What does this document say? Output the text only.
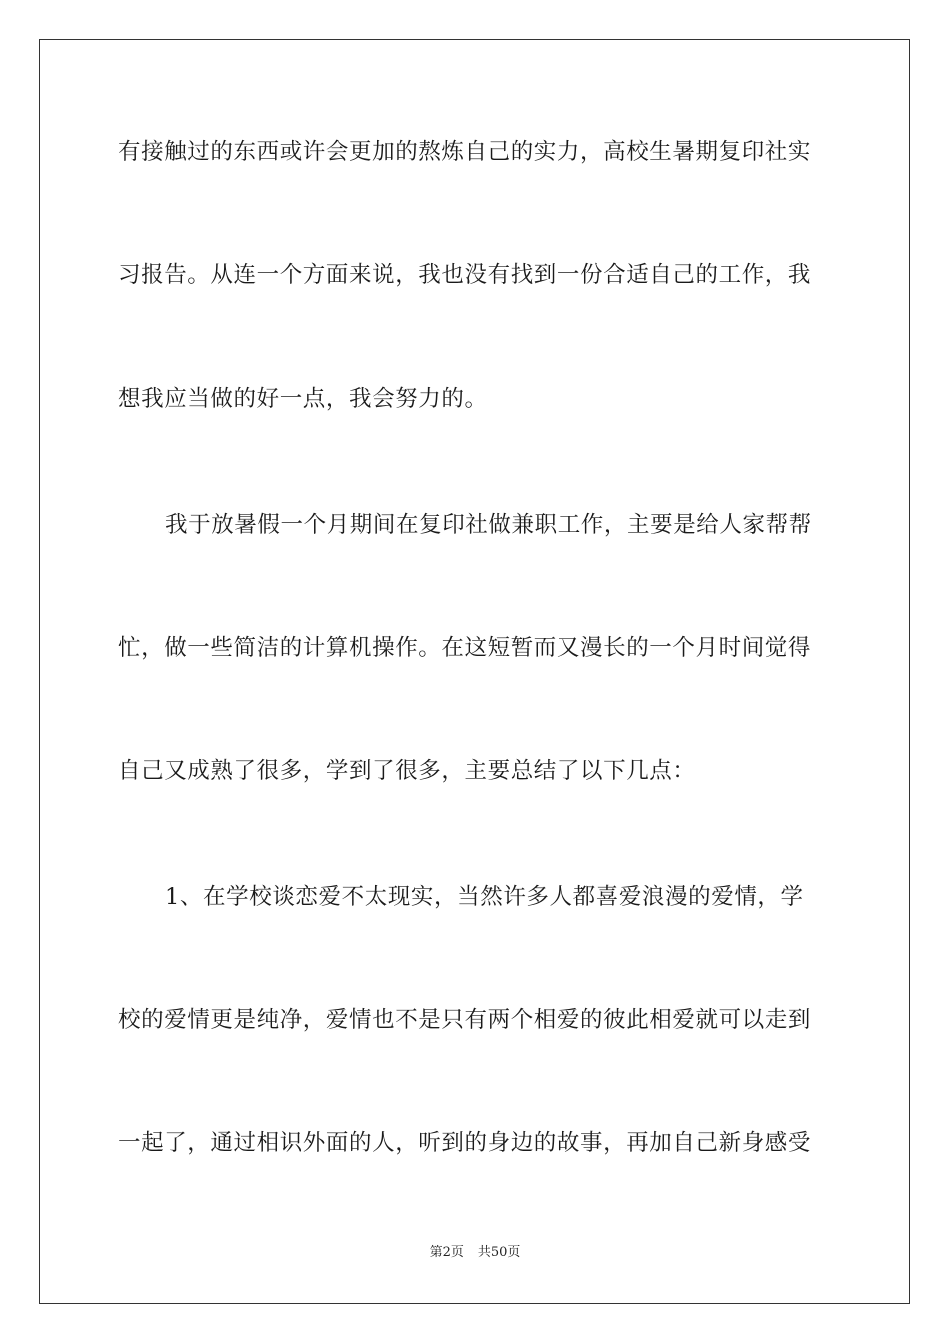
有接触过的东西或许会更加的熬炼自己的实力，高校生暑期复印社实
习报告。从连一个方面来说，我也没有找到一份合适自己的工作，我
想我应当做的好一点，我会努力的。
我于放暑假一个月期间在复印社做兼职工作，主要是给人家帮帮
忙，做一些简洁的计算机操作。在这短暂而又漫长的一个月时间觉得
自己又成熟了很多，学到了很多，主要总结了以下几点：
1、在学校谈恋爱不太现实，当然许多人都喜爱浪漫的爱情，学
校的爱情更是纯净，爱情也不是只有两个相爱的彼此相爱就可以走到
一起了，通过相识外面的人，听到的身边的故事，再加自己新身感受
第2页 共50页
